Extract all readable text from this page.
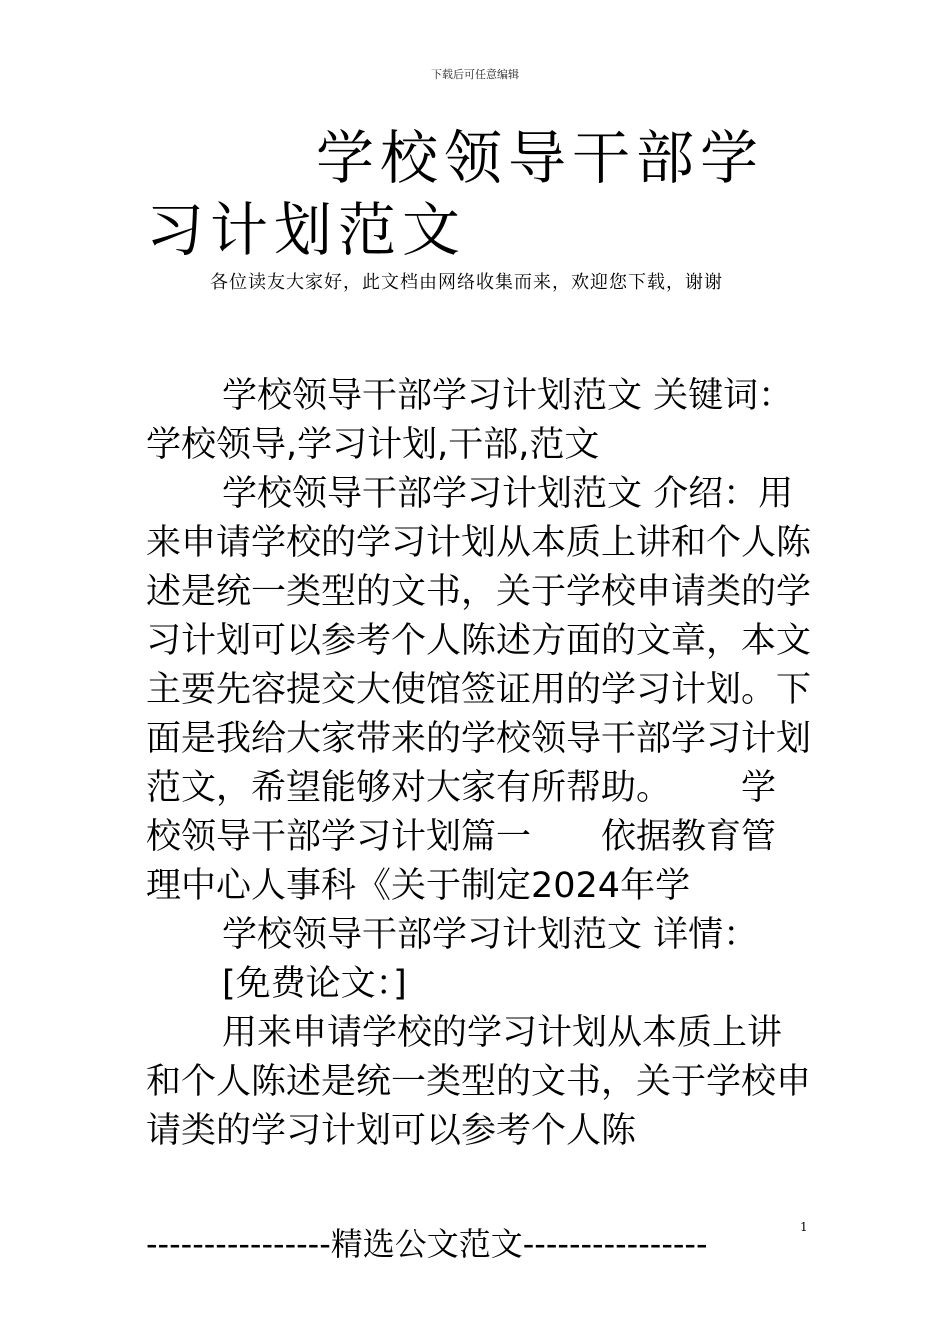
下载后可任意编辑
学校领导干部学习计划范文
各位读友大家好，此文档由网络收集而来，欢迎您下载，谢谢

学校领导干部学习计划范文 关键词：学校领导,学习计划,干部,范文

学校领导干部学习计划范文 介绍：用来申请学校的学习计划从本质上讲和个人陈述是统一类型的文书，关于学校申请类的学习计划可以参考个人陈述方面的文章，本文主要先容提交大使馆签证用的学习计划。下面是我给大家带来的学校领导干部学习计划范文，希望能够对大家有所帮助。 学校领导干部学习计划篇一 依据教育管理中心人事科《关于制定2024年学

学校领导干部学习计划范文 详情：

[免费论文：]

用来申请学校的学习计划从本质上讲和个人陈述是统一类型的文书，关于学校申请类的学习计划可以参考个人陈

----------------精选公文范文----------------	1
